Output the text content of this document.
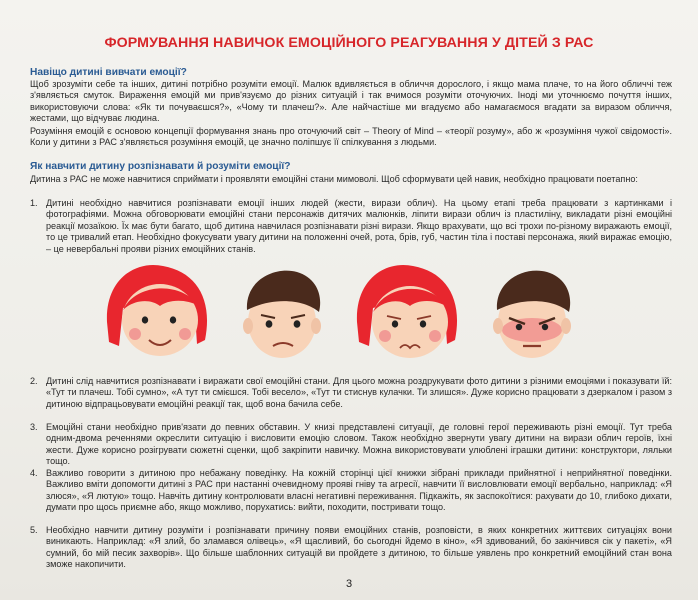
ФОРМУВАННЯ НАВИЧОК ЕМОЦІЙНОГО РЕАГУВАННЯ У ДІТЕЙ З РАС
Навіщо дитині вивчати емоції?

Щоб зрозуміти себе та інших, дитині потрібно розуміти емоції. Малюк вдивляється в обличчя дорослого, і якщо мама плаче, то на його обличчі теж з'являється смуток. Вираження емоцій ми прив'язуємо до різних ситуацій і так вчимося розуміти оточуючих. Іноді ми уточнюємо почуття інших, використовуючи слова: «Як ти почуваєшся?», «Чому ти плачеш?». Але найчастіше ми вгадуємо або намагаємося вгадати за виразом обличчя, жестами, що відчуває людина.

Розуміння емоцій є основою концепції формування знань про оточуючий світ – Theory of Mind – «теорії розуму», або ж «розуміння чужої свідомості». Коли у дитини з РАС з'являється розуміння емоцій, це значно поліпшує її спілкування з людьми.

Як навчити дитину розпізнавати й розуміти емоції?

Дитина з РАС не може навчитися сприймати і проявляти емоційні стани мимоволі. Щоб сформувати цей навик, необхідно працювати поетапно:

1. Дитині необхідно навчитися розпізнавати емоції інших людей (жести, вирази облич). На цьому етапі треба працювати з картинками і фотографіями. Можна обговорювати емоційні стани персонажів дитячих малюнків, ліпити вирази облич із пластиліну, викладати різні емоційні реакції мозаїкою. Їх має бути багато, щоб дитина навчилася розпізнавати різні вирази. Якщо врахувати, що всі трохи по-різному виражають емоції, то це тривалий етап. Необхідно фокусувати увагу дитини на положенні очей, рота, брів, губ, частин тіла і поставі персонажа, який виражає емоцію, – це невербальні прояви різних емоційних станів.
2. Дитині слід навчитися розпізнавати і виражати свої емоційні стани. Для цього можна роздрукувати фото дитини з різними емоціями і показувати їй: «Тут ти плачеш. Тобі сумно», «А тут ти смієшся. Тобі весело», «Тут ти стиснув кулачки. Ти злишся». Дуже корисно працювати з дзеркалом і разом з дитиною відпрацьовувати емоційні реакції так, щоб вона бачила себе.
3. Емоційні стани необхідно прив'язати до певних обставин. У книзі представлені ситуації, де головні герої переживають різні емоції. Тут треба одним-двома реченнями окреслити ситуацію і висловити емоцію словом. Також необхідно звернути увагу дитини на вирази облич героїв, їхні жести. Дуже корисно розігрувати сюжетні сценки, щоб закріпити навичку. Можна використовувати улюблені іграшки дитини: конструктори, ляльки тощо.
4. Важливо говорити з дитиною про небажану поведінку. На кожній сторінці цієї книжки зібрані приклади прийнятної і неприйнятної поведінки. Важливо вміти допомогти дитині з РАС при настанні очевидному прояві гніву та агресії, навчити її висловлювати емоції вербально, наприклад: «Я злюся», «Я лютую» тощо. Навчіть дитину контролювати власні негативні переживання. Підкажіть, як заспокоїтися: рахувати до 10, глибоко дихати, думати про щось приємне або, якщо можливо, порухатись: вийти, походити, постривати тощо.
5. Необхідно навчити дитину розуміти і розпізнавати причину появи емоційних станів, розповісти, в яких конкретних життєвих ситуаціях вони виникають. Наприклад: «Я злий, бо зламався олівець», «Я щасливий, бо сьогодні йдемо в кіно», «Я здивований, бо закінчився сік у пакеті», «Я сумний, бо мій песик захворів». Що більше шаблонних ситуацій ви пройдете з дитиною, то більше уявлень про конкретний емоційний стан вона зможе накопичити.
3
